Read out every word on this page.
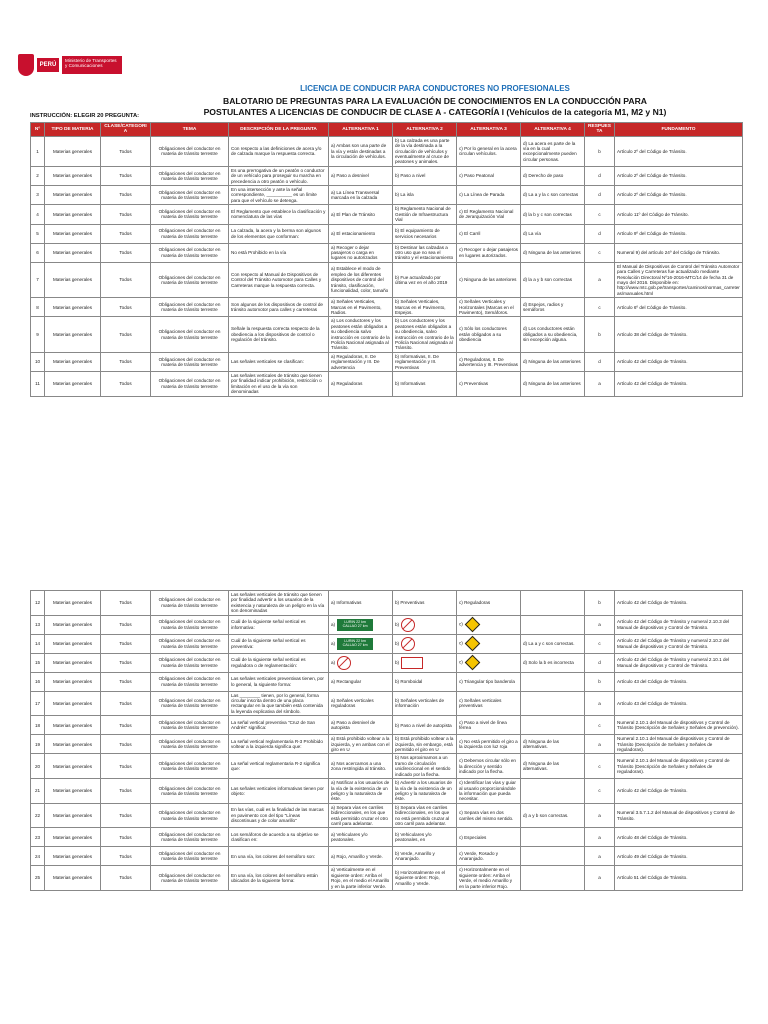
PERÚ
Ministerio de Transportes y Comunicaciones
LICENCIA DE CONDUCIR PARA CONDUCTORES NO PROFESIONALES
BALOTARIO DE PREGUNTAS PARA LA EVALUACIÓN DE CONOCIMIENTOS EN LA CONDUCCIÓN PARA POSTULANTES A LICENCIAS DE CONDUCIR DE CLASE A - CATEGORÍA I (Vehículos de la categoría M1, M2 y N1)
INSTRUCCIÓN: ELEGIR 20 PREGUNTA:
Nº	TIPO DE MATERIA	CLASE/CATEGORIA	TEMA	DESCRIPCIÓN DE LA PREGUNTA	ALTERNATIVA 1	ALTERNATIVA 2	ALTERNATIVA 3	ALTERNATIVA 4	RESPUESTA	FUNDAMENTO
1	Materias generales	Todos	Obligaciones del conductor en materia de tránsito terrestre	Con respecto a las definiciones de acera y/o de calzada marque la respuesta correcta.	a) Ambas son una parte de la vía y están destinadas a la circulación de vehículos.	b) La calzada es una parte de la vía destinada a la circulación de vehículos y eventualmente al cruce de peatones y animales.	c) Por lo general en la acera circulan vehículos.	d) La acera es parte de la vía en la cual excepcionalmente pueden circular personas.	b	Artículo 2º del Código de Tránsito.
2	Materias generales	Todos	Obligaciones del conductor en materia de tránsito terrestre	Es una prerrogativa de un peatón o conductor de un vehículo para proseguir su marcha en precedencia a otro peatón o vehículo.	a) Paso a desnivel	b) Paso a nivel	c) Paso Peatonal	d) Derecho de paso	d	Artículo 2º del Código de Tránsito.
3	Materias generales	Todos	Obligaciones del conductor en materia de tránsito terrestre	En una intersección y ante la señal correspondiente, __________ es un límite para que el vehículo se detenga.	a) La Línea Transversal marcada en la calzada	b) La isla	c) La Línea de Parada	d) La a y la c son correctas	d	Artículo 2º del Código de Tránsito.
4	Materias generales	Todos	Obligaciones del conductor en materia de tránsito terrestre	El Reglamento que establece la clasificación y nomenclatura de las vías	a) El Plan de Tránsito	b) Reglamento Nacional de Gestión de Infraestructura Vial	c) El Reglamento Nacional de Jerarquización Vial	d) la b y c son correctas	c	Artículo 11º del Código de Tránsito.
5	Materias generales	Todos	Obligaciones del conductor en materia de tránsito terrestre	La calzada, la acera y la berma son algunos de los elementos que conforman:	a) El estacionamiento	b) El equipamiento de servicios necesarios	c) El Carril	d) La vía	d	Artículo 9º del Código de Tránsito.
6	Materias generales	Todos	Obligaciones del conductor en materia de tránsito terrestre	No está Prohibido en la vía	a) Recoger o dejar pasajeros o carga en lugares no autorizados	b) Destinar las calzadas a otro uso que no sea el tránsito y el estacionamiento	c) Recoger o dejar pasajeros en lugares autorizados.	d) Ninguna de las anteriores	c	Numeral 9) del artículo 24º del Código de Tránsito.
7	Materias generales	Todos	Obligaciones del conductor en materia de tránsito terrestre	Con respecto al Manual de Dispositivos de Control del Tránsito Automotor para Calles y Carreteras marque la respuesta correcta.	a) Establece el modo de empleo de los diferentes dispositivos de control del tránsito, clasificación, funcionalidad, color, tamaño	b) Fue actualizado por última vez en el año 2019	c) Ninguna de las anteriores	d) la a y b son correctas	a	El Manual de Dispositivos de Control del Tránsito Automotor para Calles y Carreteras fue actualizado mediante Resolución Directoral Nº16-2016-MTC/14 de fecha 31 de mayo del 2016. Disponible en: http://www.mtc.gob.pe/transportes/caminos/normas_carreteras/manuales.html
8	Materias generales	Todos	Obligaciones del conductor en materia de tránsito terrestre	Son algunos de los dispositivos de control de tránsito automotor para calles y carreteras	a) Señales Verticales, Marcas en el Pavimento, Radios.	b) Señales Verticales, Marcas en el Pavimento, Espejos.	c) Señales Verticales y Horizontales (Marcas en el Pavimento), Semáforos.	d) Espejos, radios y semáforos	c	Artículo 6º del Código de Tránsito.
9	Materias generales	Todos	Obligaciones del conductor en materia de tránsito terrestre	Señale la respuesta correcta respecto de la obediencia a los dispositivos de control o regulación del tránsito.	a) Los conductores y los peatones están obligados a su obediencia salvo instrucción en contrario de la Policía Nacional asignada al Tránsito.	b) Los conductores y los peatones están obligados a su obediencia, salvo instrucción en contrario de la Policía Nacional asignada al Tránsito.	c) Sólo los conductores están obligados a su obediencia	d) Los conductores están obligados a su obediencia, sin excepción alguna.	b	Artículo 38 del Código de Tránsito.
10	Materias generales	Todos	Obligaciones del conductor en materia de tránsito terrestre	Las señales verticales se clasifican:	a) Reguladoras, II. De reglamentación y III. De advertencia	b) Informativas, II. De reglamentación y III. Preventivas	c) Reguladoras, II. De advertencia y III. Preventivas	d) Ninguna de las anteriores	d	Artículo 42 del Código de Tránsito.
11	Materias generales	Todos	Obligaciones del conductor en materia de tránsito terrestre	Las señales verticales de tránsito que tienen por finalidad indicar prohibición, restricción o limitación en el uso de la vía son denominadas	a) Reguladoras	b) Informativas	c) Preventivas	d) Ninguna de las anteriores	a	Artículo 42 del Código de Tránsito.
12	Materias generales	Todos	Obligaciones del conductor en materia de tránsito terrestre	Las señales verticales de tránsito que tienen por finalidad advertir a los usuarios de la existencia y naturaleza de un peligro en la vía son denominadas	a) Informativas	b) Preventivas	c) Reguladoras		b	Artículo 42 del Código de Tránsito.
13	Materias generales	Todos	Obligaciones del conductor en materia de tránsito terrestre	Cuál de la siguiente señal vertical es informativa:	a)LURIN 22 km CALLAO 27 km	b)	c)		a	Artículo 42 del Código de Tránsito y numeral 2.10.3 del Manual de dispositivos y Control de Tránsito.
14	Materias generales	Todos	Obligaciones del conductor en materia de tránsito terrestre	Cuál de la siguiente señal vertical es preventiva:	a)LURIN 22 km CALLAO 27 km	b)	c)	d) La a y c son correctas.	c	Artículo 42 del Código de Tránsito y numeral 2.10.2 del Manual de dispositivos y Control de Tránsito.
15	Materias generales	Todos	Obligaciones del conductor en materia de tránsito terrestre	Cuál de la siguiente señal vertical es reguladora o de reglamentación:	a)	b)	c)	d) Solo la b es incorrecta	d	Artículo 42 del Código de Tránsito y numeral 2.10.1 del Manual de dispositivos y Control de Tránsito.
16	Materias generales	Todos	Obligaciones del conductor en materia de tránsito terrestre	Las señales verticales preventivas tienen, por lo general, la siguiente forma:	a) Rectangular	b) Romboidal	c) Triangular tipo banderola		b	Artículo 43 del Código de Tránsito.
17	Materias generales	Todos	Obligaciones del conductor en materia de tránsito terrestre	Las ________ tienen, por lo general, forma circular inscrita dentro de una placa rectangular en la que también está contenida la leyenda explicativa del símbolo.	a) Señales verticales reguladoras	b) Señales verticales de información	c) Señales verticales preventivas		a	Artículo 43 del Código de Tránsito.
18	Materias generales	Todos	Obligaciones del conductor en materia de tránsito terrestre	La señal vertical preventiva "Cruz de San Andrés" significa:	a) Paso a desnivel de autopista	b) Paso a nivel de autopista	c) Paso a nivel de línea férrea		c	Numeral 2.10.1 del Manual de dispositivos y Control de Tránsito (Descripción de Señales y Señales de prevención).
19	Materias generales	Todos	Obligaciones del conductor en materia de tránsito terrestre	La señal vertical reglamentaria R-3 Prohibido voltear a la izquierda significa que:	a) Está prohibido voltear a la izquierda, y en ambas con el giro en U	b) Está prohibido voltear a la izquierda, sin embargo, está permitido el giro en U	c) No está permitido el giro a la izquierda con luz roja	d) Ninguna de las alternativas.	a	Numeral 2.10.1 del Manual de dispositivos y Control de Tránsito (Descripción de Señales y Señales de reguladoras).
20	Materias generales	Todos	Obligaciones del conductor en materia de tránsito terrestre	La señal vertical reglamentaria R-2 significa que:	a) Nos acercamos a una zona restringida al tránsito.	b) Nos aproximamos a un tramo de circulación unidireccional en el sentido indicado por la flecha.	c) Debemos circular sólo en la dirección y sentido indicado por la flecha.	d) Ninguna de las alternativas.	c	Numeral 2.10.1 del Manual de dispositivos y Control de Tránsito (Descripción de Señales y Señales de reguladoras).
21	Materias generales	Todos	Obligaciones del conductor en materia de tránsito terrestre	Las señales verticales informativas tienen por objeto:	a) Notificar a los usuarios de la vía de la existencia de un peligro y la naturaleza de éste.	b) Advertir a los usuarios de la vía de la existencia de un peligro y la naturaleza de éste.	c) Identificar las vías y guiar al usuario proporcionándole la información que pueda necesitar.		c	Artículo 42 del Código de Tránsito.
22	Materias generales	Todos	Obligaciones del conductor en materia de tránsito terrestre	En las vías, cuál es la finalidad de las marcas en pavimento con del tipo "Líneas discontinuas y de color amarillo"	a) Separa vías en carriles bidireccionales, en los que está permitido cruzar el otro carril para adelantar.	b) Separa vías en carriles bidireccionales, en los que no está permitido cruzar al otro carril para adelantar.	c) Separa vías en dos carriles del mismo sentido.	d) a y b son correctas.	a	Numeral 3.5.7.1.2 del Manual de dispositivos y Control de Tránsito.
23	Materias generales	Todos	Obligaciones del conductor en materia de tránsito terrestre	Los semáforos de acuerdo a su objetivo se clasifican en:	a) Vehiculares y/o peatonales.	b) Vehiculares y/o peatonales, en	c) Especiales		a	Artículo 48 del Código de Tránsito.
24	Materias generales	Todos	Obligaciones del conductor en materia de tránsito terrestre	En una vía, los colores del semáforo son:	a) Rojo, Amarillo y Verde.	b) Verde, Amarillo y Anaranjado.	c) Verde, Rosado y Anaranjado.		a	Artículo 49 del Código de Tránsito.
25	Materias generales	Todos	Obligaciones del conductor en materia de tránsito terrestre	En una vía, los colores del semáforo están ubicados de la siguiente forma:	a) Verticalmente en el siguiente orden: Arriba el Rojo, en el medio el Amarillo y en la parte inferior Verde.	b) Horizontalmente en el siguiente orden: Rojo, Amarillo y Verde.	c) Horizontalmente en el siguiente orden: Arriba el Verde, el medio Amarillo y en la parte inferior Rojo.		a	Artículo 51 del Código de Tránsito.
